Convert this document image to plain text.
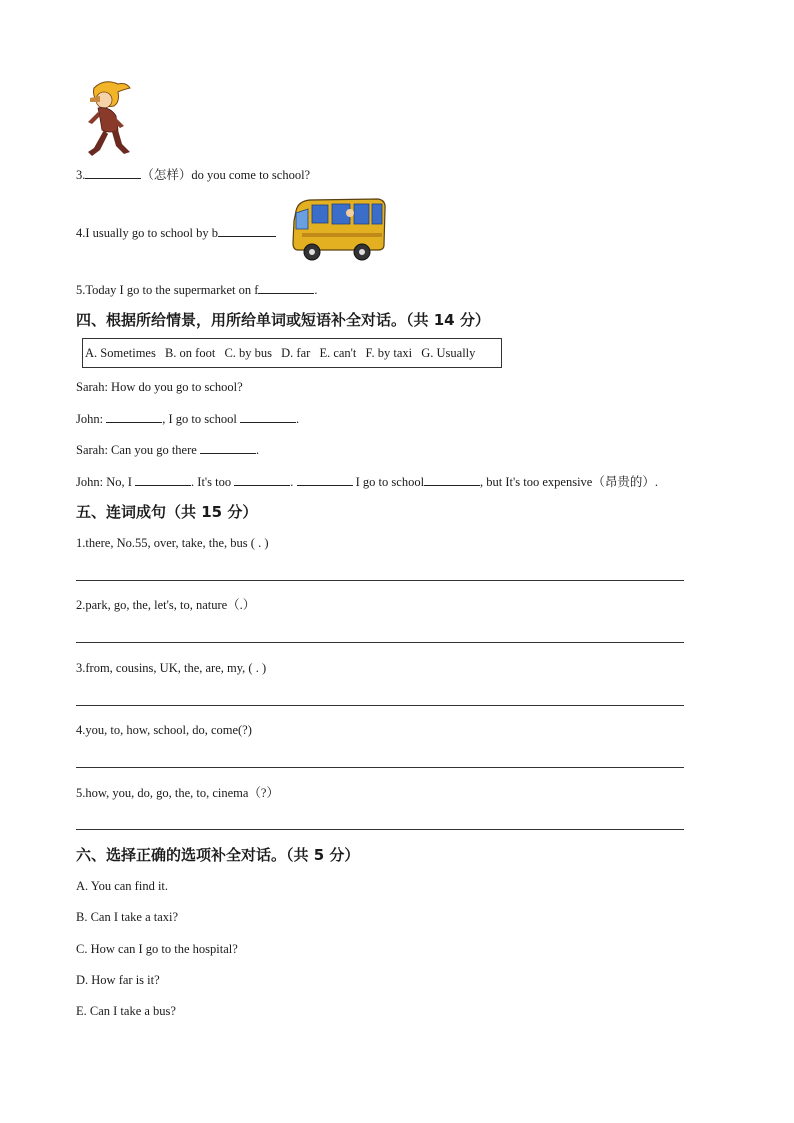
3.	（怎样）do you come to school?
4.I usually go to school by b
5.Today I go to the supermarket on f	.
四、根据所给情景，用所给单词或短语补全对话。（共 14 分）
A. Sometimes B. on foot C. by bus D. far E. can't F. by taxi G. Usually
Sarah: How do you go to school?
John:	, I go to school	.
Sarah: Can you go there	.
John: No, I	. It's too	.	I go to school	, but It's too expensive（昂贵的）.
五、连词成句（共 15 分）
1.there, No.55, over, take, the, bus ( . )
2.park, go, the, let's, to, nature（.）
3.from, cousins, UK, the, are, my, ( . )
4.you, to, how, school, do, come(?)
5.how, you, do, go, the, to, cinema（?）
六、选择正确的选项补全对话。（共 5 分）
A. You can find it.
B. Can I take a taxi?
C. How can I go to the hospital?
D. How far is it?
E. Can I take a bus?
